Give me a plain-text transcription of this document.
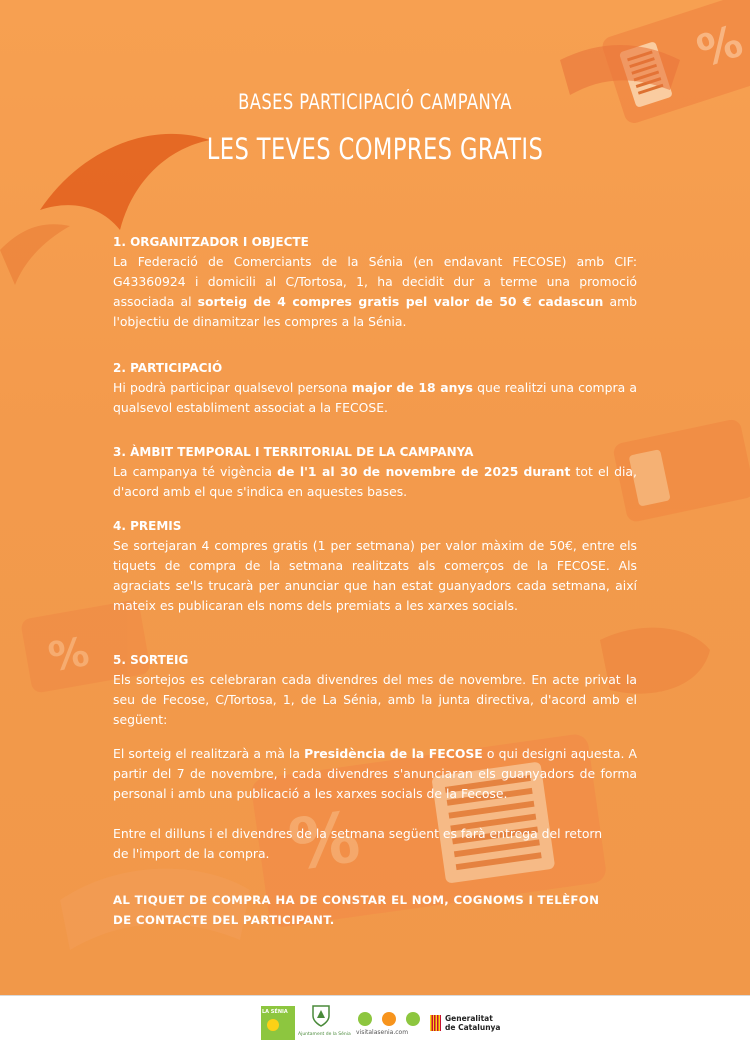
%
%
%
BASES PARTICIPACIÓ CAMPANYA
LES TEVES COMPRES GRATIS

1. ORGANITZADOR I OBJECTE

La Federació de Comerciants de la Sénia (en endavant FECOSE) amb CIF: G43360924 i domicili al C/Tortosa, 1, ha decidit dur a terme una promoció associada al sorteig de 4 compres gratis pel valor de 50 € cadascun amb l'objectiu de dinamitzar les compres a la Sénia.

2. PARTICIPACIÓ

Hi podrà participar qualsevol persona major de 18 anys que realitzi una compra a qualsevol establiment associat a la FECOSE.

3. ÀMBIT TEMPORAL I TERRITORIAL DE LA CAMPANYA

La campanya té vigència de l'1 al 30 de novembre de 2025 durant tot el dia, d'acord amb el que s'indica en aquestes bases.

4. PREMIS

Se sortejaran 4 compres gratis (1 per setmana) per valor màxim de 50€, entre els tiquets de compra de la setmana realitzats als comerços de la FECOSE. Als agraciats se'ls trucarà per anunciar que han estat guanyadors cada setmana, així mateix es publicaran els noms dels premiats a les xarxes socials.

5. SORTEIG

Els sortejos es celebraran cada divendres del mes de novembre. En acte privat la seu de Fecose, C/Tortosa, 1, de La Sénia, amb la junta directiva, d'acord amb el següent:

El sorteig el realitzarà a mà la Presidència de la FECOSE o qui designi aquesta. A partir del 7 de novembre, i cada divendres s'anunciaran els guanyadors de forma personal i amb una publicació a les xarxes socials de la Fecose.

Entre el dilluns i el divendres de la setmana següent es farà entrega del retorn de l'import de la compra.

AL TIQUET DE COMPRA HA DE CONSTAR EL NOM, COGNOMS I TELÈFON DE CONTACTE DEL PARTICIPANT.

LA SÉNIA
Ajuntament de la Sénia visitalasenia.com
Generalitat
de Catalunya
